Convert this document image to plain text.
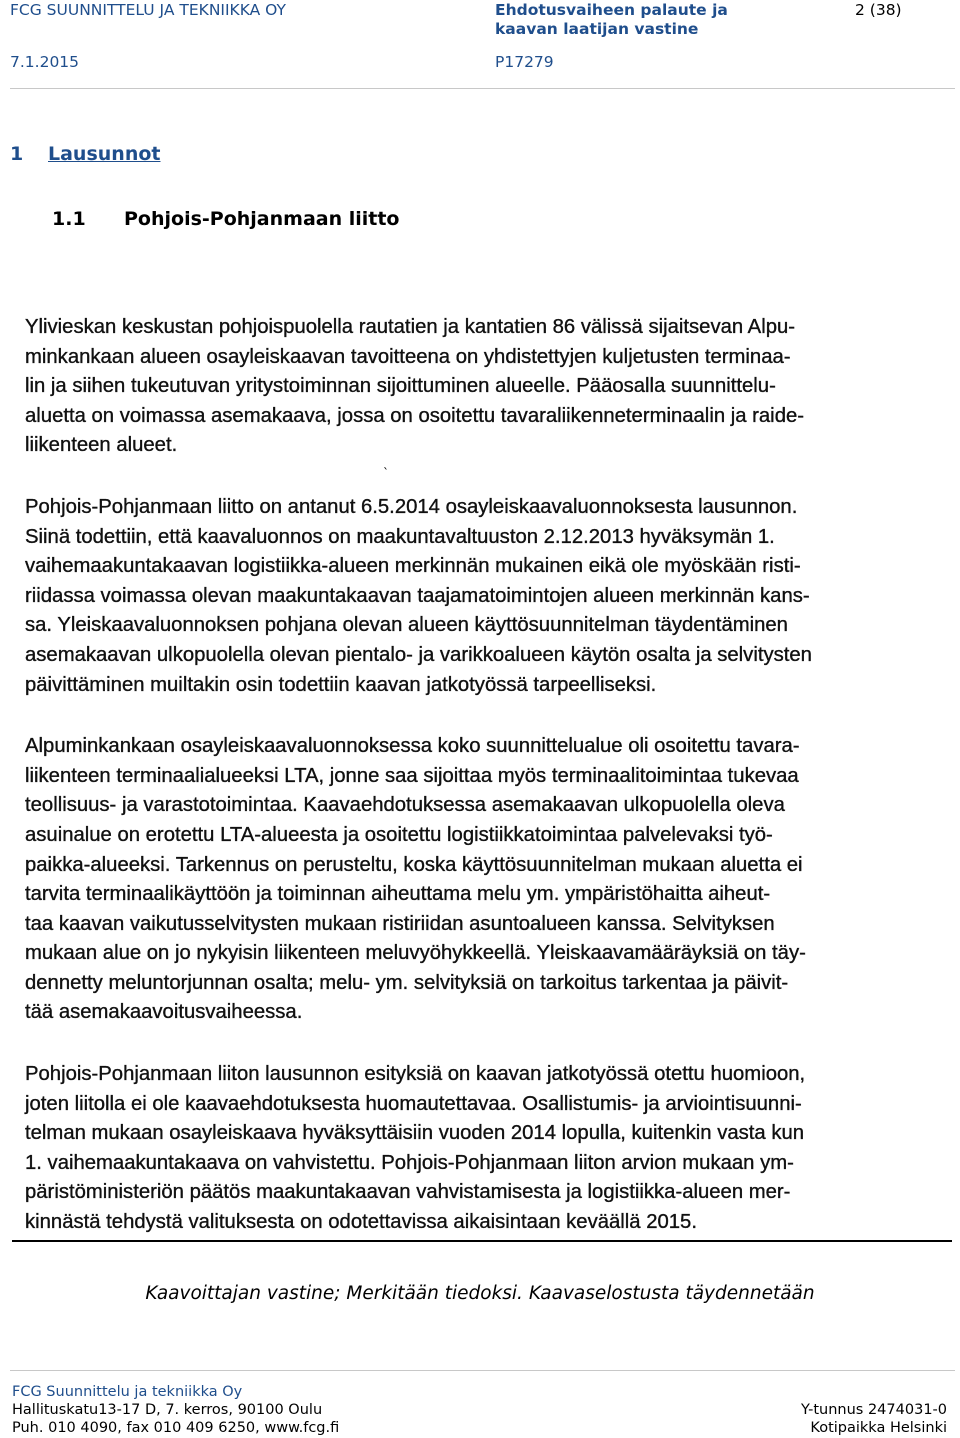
FCG SUUNNITTELU JA TEKNIIKKA OY	Ehdotusvaiheen palaute ja kaavan laatijan vastine
2 (38)
7.1.2015	P17279
1 Lausunnot
1.1 Pohjois-Pohjanmaan liitto

Ylivieskan keskustan pohjoispuolella rautatien ja kantatien 86 välissä sijaitsevan Alpu-
minkankaan alueen osayleiskaavan tavoitteena on yhdistettyjen kuljetusten terminaa-
lin ja siihen tukeutuvan yritystoiminnan sijoittuminen alueelle. Pääosalla suunnittelu-
aluetta on voimassa asemakaava, jossa on osoitettu tavaraliikenneterminaalin ja raide-
liikenteen alueet.

Pohjois-Pohjanmaan liitto on antanut 6.5.2014 osayleiskaavaluonnoksesta lausunnon.
Siinä todettiin, että kaavaluonnos on maakuntavaltuuston 2.12.2013 hyväksymän 1.
vaihemaakuntakaavan logistiikka-alueen merkinnän mukainen eikä ole myöskään risti-
riidassa voimassa olevan maakuntakaavan taajamatoimintojen alueen merkinnän kans-
sa. Yleiskaavaluonnoksen pohjana olevan alueen käyttösuunnitelman täydentäminen
asemakaavan ulkopuolella olevan pientalo- ja varikkoalueen käytön osalta ja selvitysten
päivittäminen muiltakin osin todettiin kaavan jatkotyössä tarpeelliseksi.

Alpuminkankaan osayleiskaavaluonnoksessa koko suunnittelualue oli osoitettu tavara-
liikenteen terminaalialueeksi LTA, jonne saa sijoittaa myös terminaalitoimintaa tukevaa
teollisuus- ja varastotoimintaa. Kaavaehdotuksessa asemakaavan ulkopuolella oleva
asuinalue on erotettu LTA-alueesta ja osoitettu logistiikkatoimintaa palvelevaksi työ-
paikka-alueeksi. Tarkennus on perusteltu, koska käyttösuunnitelman mukaan aluetta ei
tarvita terminaalikäyttöön ja toiminnan aiheuttama melu ym. ympäristöhaitta aiheut-
taa kaavan vaikutusselvitysten mukaan ristiriidan asuntoalueen kanssa. Selvityksen
mukaan alue on jo nykyisin liikenteen meluvyöhykkeellä. Yleiskaavamääräyksiä on täy-
dennetty meluntorjunnan osalta; melu- ym. selvityksiä on tarkoitus tarkentaa ja päivit-
tää asemakaavoitusvaiheessa.

Pohjois-Pohjanmaan liiton lausunnon esityksiä on kaavan jatkotyössä otettu huomioon,
joten liitolla ei ole kaavaehdotuksesta huomautettavaa. Osallistumis- ja arviointisuunni-
telman mukaan osayleiskaava hyväksyttäisiin vuoden 2014 lopulla, kuitenkin vasta kun
1. vaihemaakuntakaava on vahvistettu. Pohjois-Pohjanmaan liiton arvion mukaan ym-
päristöministeriön päätös maakuntakaavan vahvistamisesta ja logistiikka-alueen mer-
kinnästä tehdystä valituksesta on odotettavissa aikaisintaan keväällä 2015.

`
Kaavoittajan vastine; Merkitään tiedoksi. Kaavaselostusta täydennetään
FCG Suunnittelu ja tekniikka Oy
Hallituskatu13-17 D, 7. kerros, 90100 Oulu
Puh. 010 4090, fax 010 409 6250, www.fcg.fi
Y-tunnus 2474031-0
Kotipaikka Helsinki
